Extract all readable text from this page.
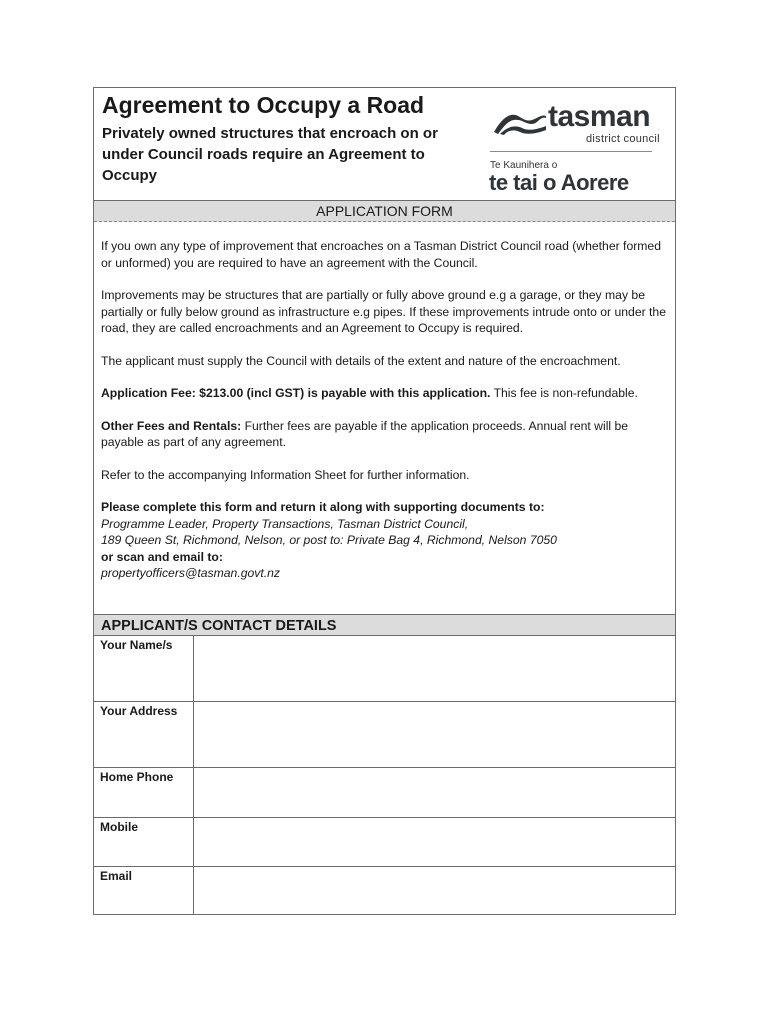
Agreement to Occupy a Road

Privately owned structures that encroach on or under Council roads require an Agreement to Occupy

tasman
district council
Te Kaunihera o
te tai o Aorere
APPLICATION FORM

If you own any type of improvement that encroaches on a Tasman District Council road (whether formed or unformed) you are required to have an agreement with the Council.

Improvements may be structures that are partially or fully above ground e.g a garage, or they may be partially or fully below ground as infrastructure e.g pipes. If these improvements intrude onto or under the road, they are called encroachments and an Agreement to Occupy is required.

The applicant must supply the Council with details of the extent and nature of the encroachment.

Application Fee: $213.00 (incl GST) is payable with this application. This fee is non-refundable.

Other Fees and Rentals: Further fees are payable if the application proceeds. Annual rent will be payable as part of any agreement.

Refer to the accompanying Information Sheet for further information.

Please complete this form and return it along with supporting documents to:
Programme Leader, Property Transactions, Tasman District Council,
189 Queen St, Richmond, Nelson, or post to: Private Bag 4, Richmond, Nelson 7050
or scan and email to:
propertyofficers@tasman.govt.nz

APPLICANT/S CONTACT DETAILS
Your Name/s
Your Address
Home Phone
Mobile
Email
